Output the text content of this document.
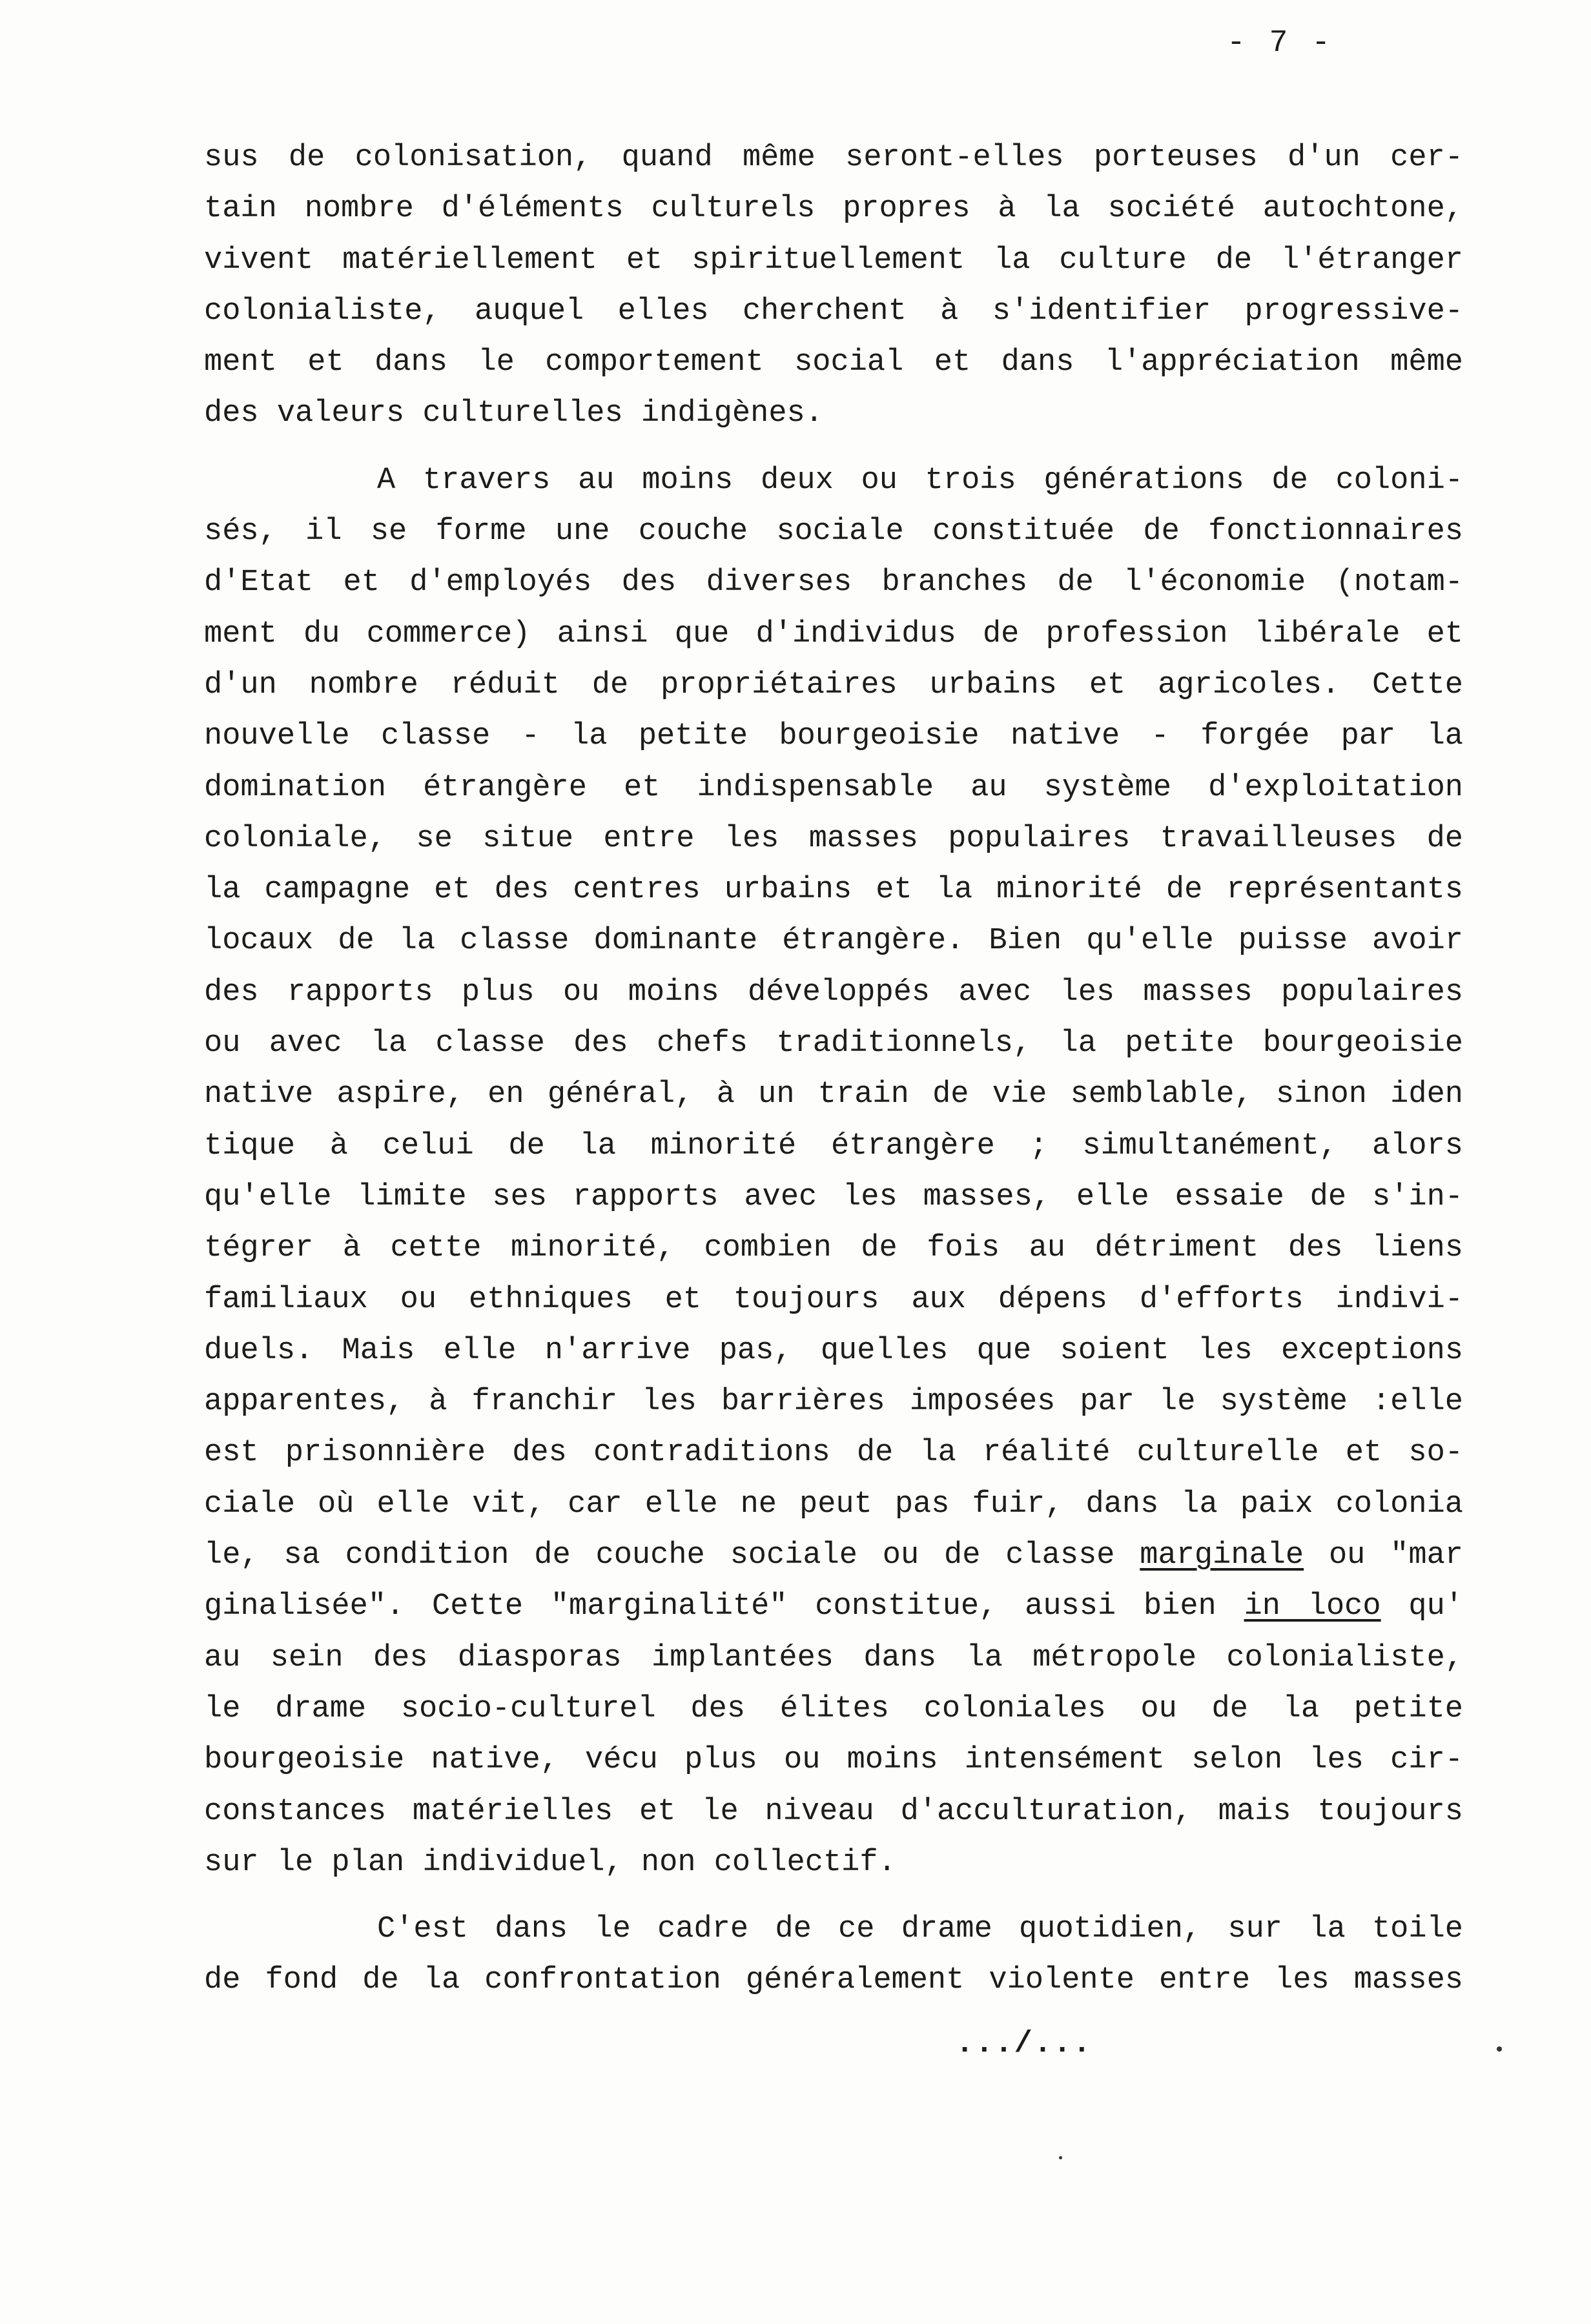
- 7 -
sus de colonisation, quand même seront-elles porteuses d'un cer-
tain nombre d'éléments culturels propres à la société autochtone,
vivent matériellement et spirituellement la culture de l'étranger
colonialiste, auquel elles cherchent à s'identifier progressive-
ment et dans le comportement social et dans l'appréciation même
des valeurs culturelles indigènes.
A travers au moins deux ou trois générations de coloni-
sés, il se forme une couche sociale constituée de fonctionnaires
d'Etat et d'employés des diverses branches de l'économie (notam-
ment du commerce) ainsi que d'individus de profession libérale et
d'un nombre réduit de propriétaires urbains et agricoles. Cette
nouvelle classe - la petite bourgeoisie native - forgée par la
domination étrangère et indispensable au système d'exploitation
coloniale, se situe entre les masses populaires travailleuses de
la campagne et des centres urbains et la minorité de représentants
locaux de la classe dominante étrangère. Bien qu'elle puisse avoir
des rapports plus ou moins développés avec les masses populaires
ou avec la classe des chefs traditionnels, la petite bourgeoisie
native aspire, en général, à un train de vie semblable, sinon iden
tique à celui de la minorité étrangère ; simultanément, alors
qu'elle limite ses rapports avec les masses, elle essaie de s'in-
tégrer à cette minorité, combien de fois au détriment des liens
familiaux ou ethniques et toujours aux dépens d'efforts indivi-
duels. Mais elle n'arrive pas, quelles que soient les exceptions
apparentes, à franchir les barrières imposées par le système :elle
est prisonnière des contraditions de la réalité culturelle et so-
ciale où elle vit, car elle ne peut pas fuir, dans la paix colonia
le, sa condition de couche sociale ou de classe marginale ou "mar
ginalisée". Cette "marginalité" constitue, aussi bien in loco qu'
au sein des diasporas implantées dans la métropole colonialiste,
le drame socio-culturel des élites coloniales ou de la petite
bourgeoisie native, vécu plus ou moins intensément selon les cir-
constances matérielles et le niveau d'acculturation, mais toujours
sur le plan individuel, non collectif.
C'est dans le cadre de ce drame quotidien, sur la toile
de fond de la confrontation généralement violente entre les masses
.../...
